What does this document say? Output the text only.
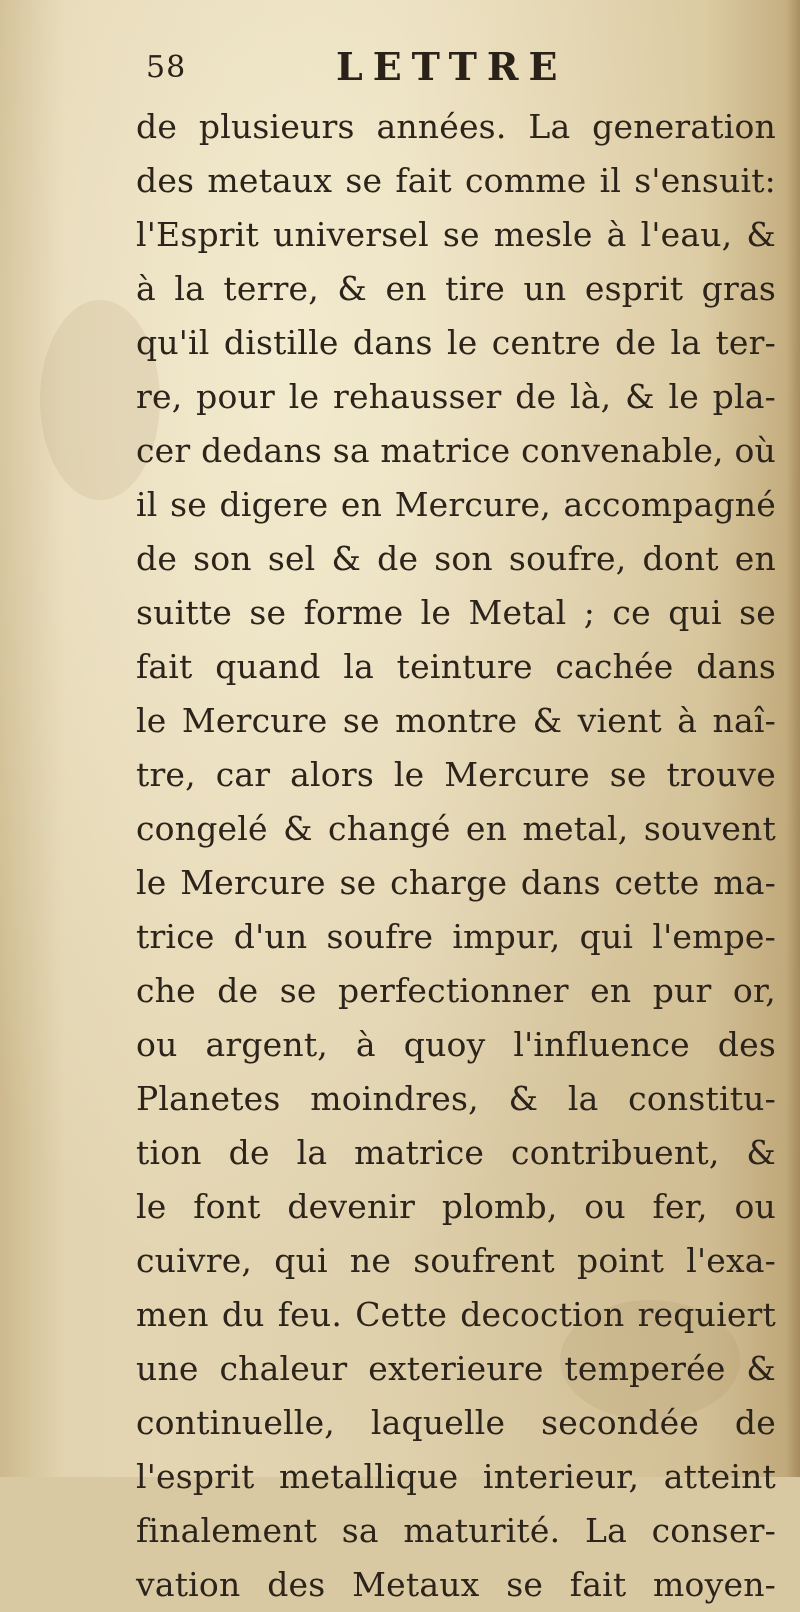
58	LETTRE
de plusieurs années. La generation
des metaux se fait comme il s'ensuit:
l'Esprit universel se mesle à l'eau, &
à la terre, & en tire un esprit gras
qu'il distille dans le centre de la ter-
re, pour le rehausser de là, & le pla-
cer dedans sa matrice convenable, où
il se digere en Mercure, accompagné
de son sel & de son soufre, dont en
suitte se forme le Metal ; ce qui se
fait quand la teinture cachée dans
le Mercure se montre & vient à naî-
tre, car alors le Mercure se trouve
congelé & changé en metal, souvent
le Mercure se charge dans cette ma-
trice d'un soufre impur, qui l'empe-
che de se perfectionner en pur or,
ou argent, à quoy l'influence des
Planetes moindres, & la constitu-
tion de la matrice contribuent, &
le font devenir plomb, ou fer, ou
cuivre, qui ne soufrent point l'exa-
men du feu. Cette decoction requiert
une chaleur exterieure temperée &
continuelle, laquelle secondée de
l'esprit metallique interieur, atteint
finalement sa maturité. La conser-
vation des Metaux se fait moyen-
